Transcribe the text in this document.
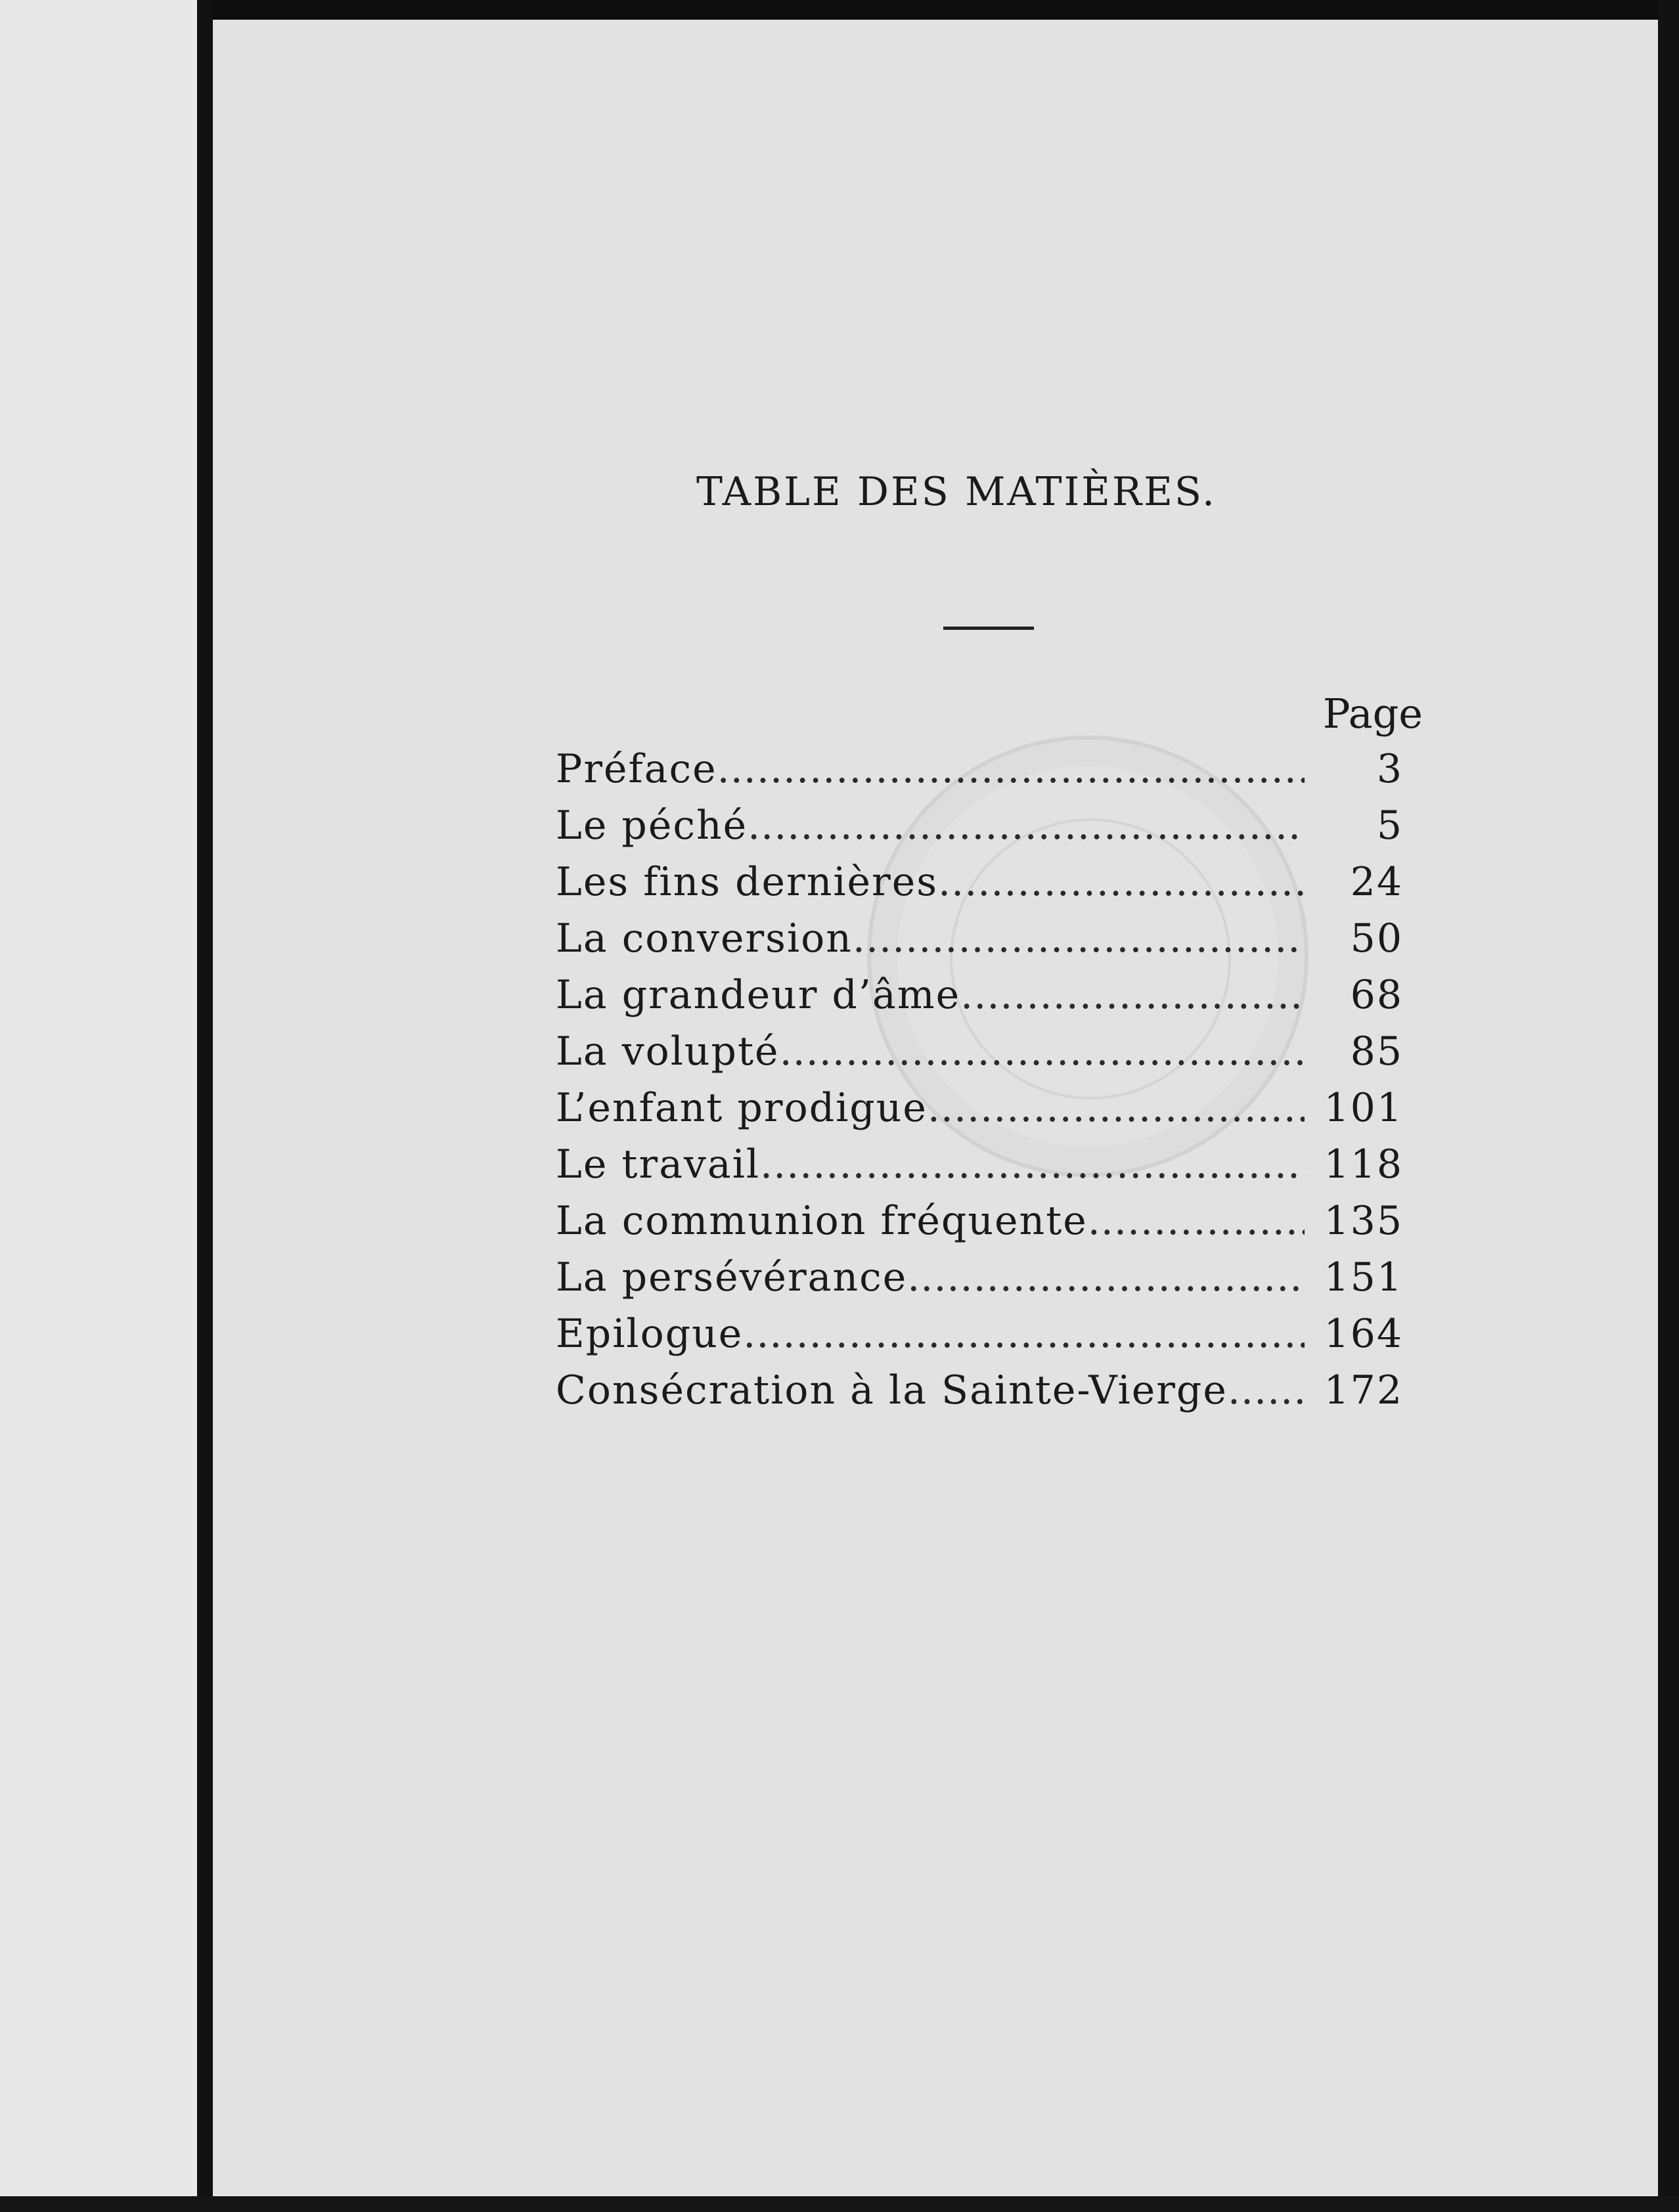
TABLE DES MATIÈRES.
Page
Préface .....	3
Le péché .....	5
Les fins dernières .....	24
La conversion .....	50
La grandeur d’âme .....	68
La volupté .....	85
L’enfant prodigue .....	101
Le travail .....	118
La communion fréquente .....	135
La persévérance .....	151
Epilogue .....	164
Consécration à la Sainte-Vierge .....	172
